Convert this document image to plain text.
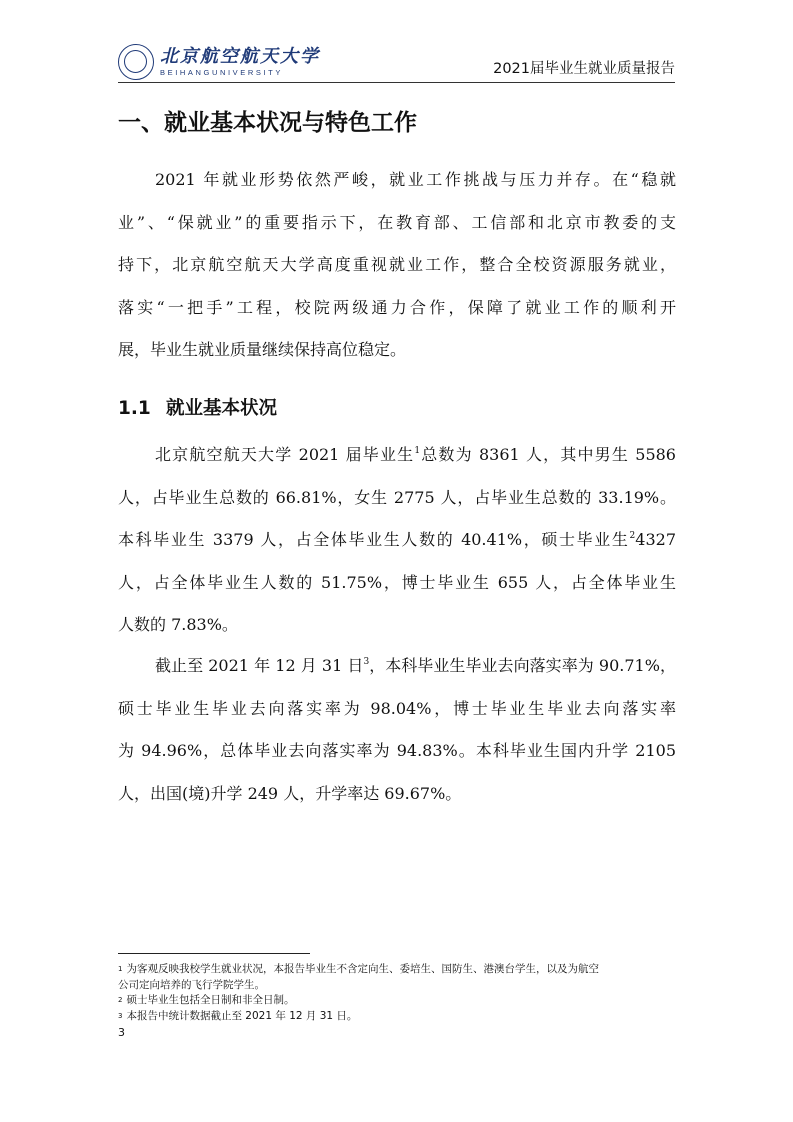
北京航空航天大学
BEIHANGUNIVERSITY	2021届毕业生就业质量报告
一、就业基本状况与特色工作
2021 年就业形势依然严峻，就业工作挑战与压力并存。在“稳就
业”、“保就业”的重要指示下，在教育部、工信部和北京市教委的支
持下，北京航空航天大学高度重视就业工作，整合全校资源服务就业，
落实“一把手”工程，校院两级通力合作，保障了就业工作的顺利开
展，毕业生就业质量继续保持高位稳定。
1.1 就业基本状况
北京航空航天大学 2021 届毕业生$^1$总数为 8361 人，其中男生 5586
人，占毕业生总数的 66.81%，女生 2775 人，占毕业生总数的 33.19%。
本科毕业生 3379 人，占全体毕业生人数的 40.41%，硕士毕业生$^2$4327
人，占全体毕业生人数的 51.75%，博士毕业生 655 人，占全体毕业生
人数的 7.83%。
截止至 2021 年 12 月 31 日$^3$，本科毕业生毕业去向落实率为 90.71%，
硕士毕业生毕业去向落实率为 98.04%，博士毕业生毕业去向落实率
为 94.96%，总体毕业去向落实率为 94.83%。本科毕业生国内升学 2105
人，出国(境)升学 249 人，升学率达 69.67%。
$^1$ 为客观反映我校学生就业状况，本报告毕业生不含定向生、委培生、国防生、港澳台学生，以及为航空
公司定向培养的飞行学院学生。
$^2$ 硕士毕业生包括全日制和非全日制。
$^3$ 本报告中统计数据截止至 2021 年 12 月 31 日。
3
